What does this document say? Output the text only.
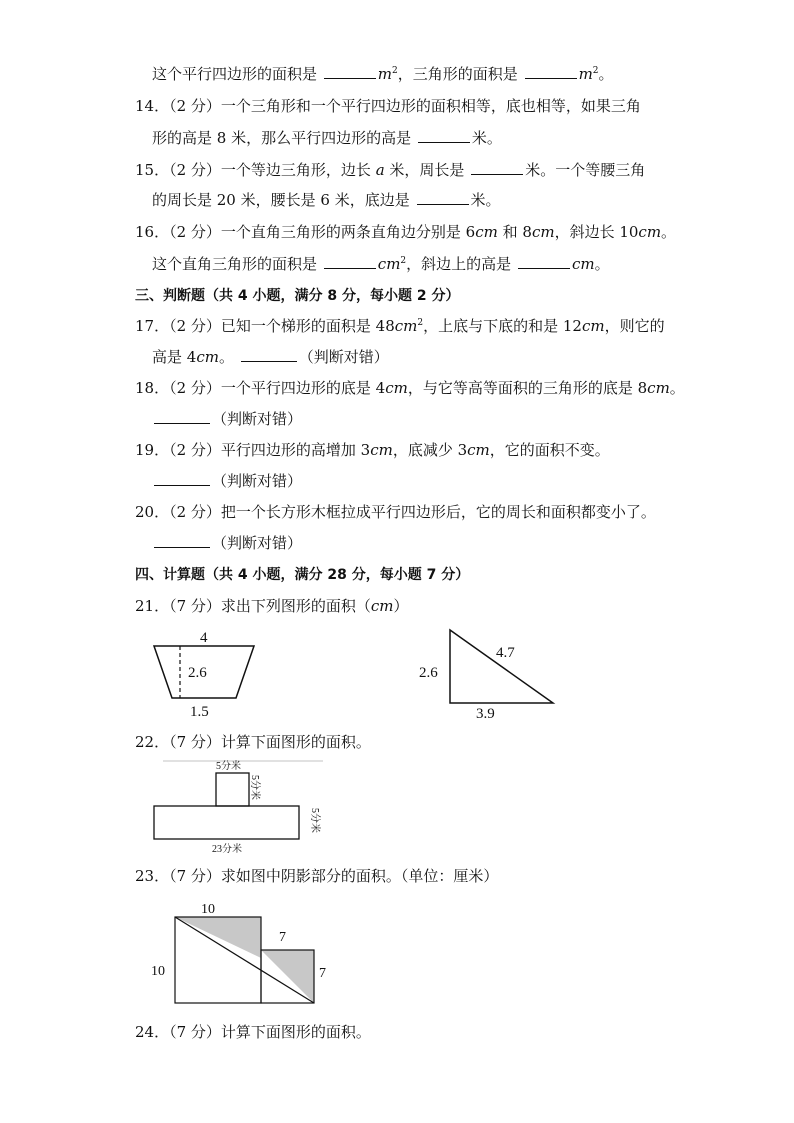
这个平行四边形的面积是	$m^2$，三角形的面积是	$m^2$。
14．（2 分）一个三角形和一个平行四边形的面积相等，底也相等，如果三角
形的高是 8 米，那么平行四边形的高是	米。
15．（2 分）一个等边三角形，边长 a 米，周长是	米。一个等腰三角
的周长是 20 米，腰长是 6 米，底边是	米。
16．（2 分）一个直角三角形的两条直角边分别是 6cm 和 8cm，斜边长 10cm。
这个直角三角形的面积是	$cm^2$，斜边上的高是	cm。
三、判断题（共 4 小题，满分 8 分，每小题 2 分）
17．（2 分）已知一个梯形的面积是 $48cm^2$，上底与下底的和是 12cm，则它的
高是 4cm。	（判断对错）
18．（2 分）一个平行四边形的底是 4cm，与它等高等面积的三角形的底是 8cm。
（判断对错）
19．（2 分）平行四边形的高增加 3cm，底减少 3cm，它的面积不变。
（判断对错）
20．（2 分）把一个长方形木框拉成平行四边形后，它的周长和面积都变小了。
（判断对错）
四、计算题（共 4 小题，满分 28 分，每小题 7 分）
21．（7 分）求出下列图形的面积（cm）
4
2.6
1.5
2.6
4.7
3.9
22．（7 分）计算下面图形的面积。
5分米
5分米
5分米
23分米
23．（7 分）求如图中阴影部分的面积。（单位：厘米）
10
10
7
7
24．（7 分）计算下面图形的面积。
